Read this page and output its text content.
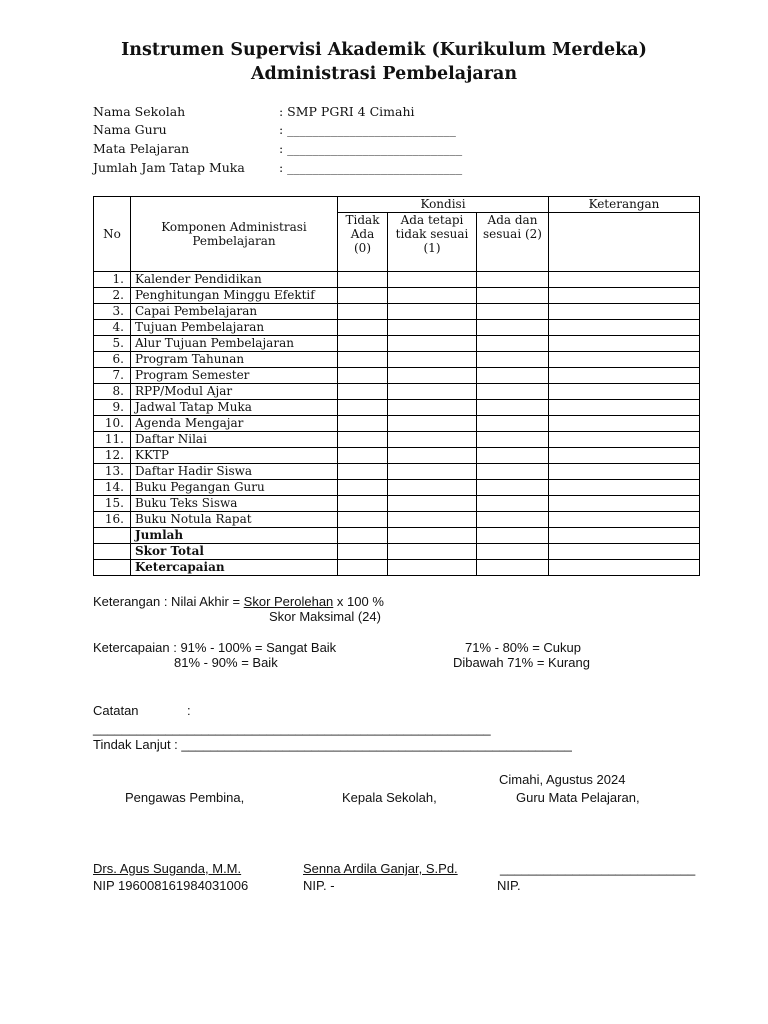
Instrumen Supervisi Akademik (Kurikulum Merdeka)
Administrasi Pembelajaran
Nama Sekolah	: SMP PGRI 4 Cimahi
Nama Guru	: ___________________________
Mata Pelajaran	: ____________________________
Jumlah Jam Tatap Muka	: ____________________________
No	Komponen Administrasi Pembelajaran	Kondisi			Keterangan
		Tidak Ada (0)	Ada tetapi tidak sesuai (1)	Ada dan sesuai (2)	
1.	Kalender Pendidikan				
2.	Penghitungan Minggu Efektif				
3.	Capai Pembelajaran				
4.	Tujuan Pembelajaran				
5.	Alur Tujuan Pembelajaran				
6.	Program Tahunan				
7.	Program Semester				
8.	RPP/Modul Ajar				
9.	Jadwal Tatap Muka				
10.	Agenda Mengajar				
11.	Daftar Nilai				
12.	KKTP				
13.	Daftar Hadir Siswa				
14.	Buku Pegangan Guru				
15.	Buku Teks Siswa				
16.	Buku Notula Rapat				
	Jumlah				
	Skor Total				
	Ketercapaian				
Keterangan : Nilai Akhir = Skor Perolehan x 100 %
Skor Maksimal (24)
Ketercapaian : 91% - 100% = Sangat Baik
81% - 90% = Baik
71% - 80% = Cukup
Dibawah 71% = Kurang
Catatan	:
_______________________________________________________
Tindak Lanjut : ______________________________________________________
Cimahi, Agustus 2024
Pengawas Pembina,	Kepala Sekolah,	Guru Mata Pelajaran,
Drs. Agus Suganda, M.M.
NIP 196008161984031006
Senna Ardila Ganjar, S.Pd.
NIP. -
___________________________
NIP.
